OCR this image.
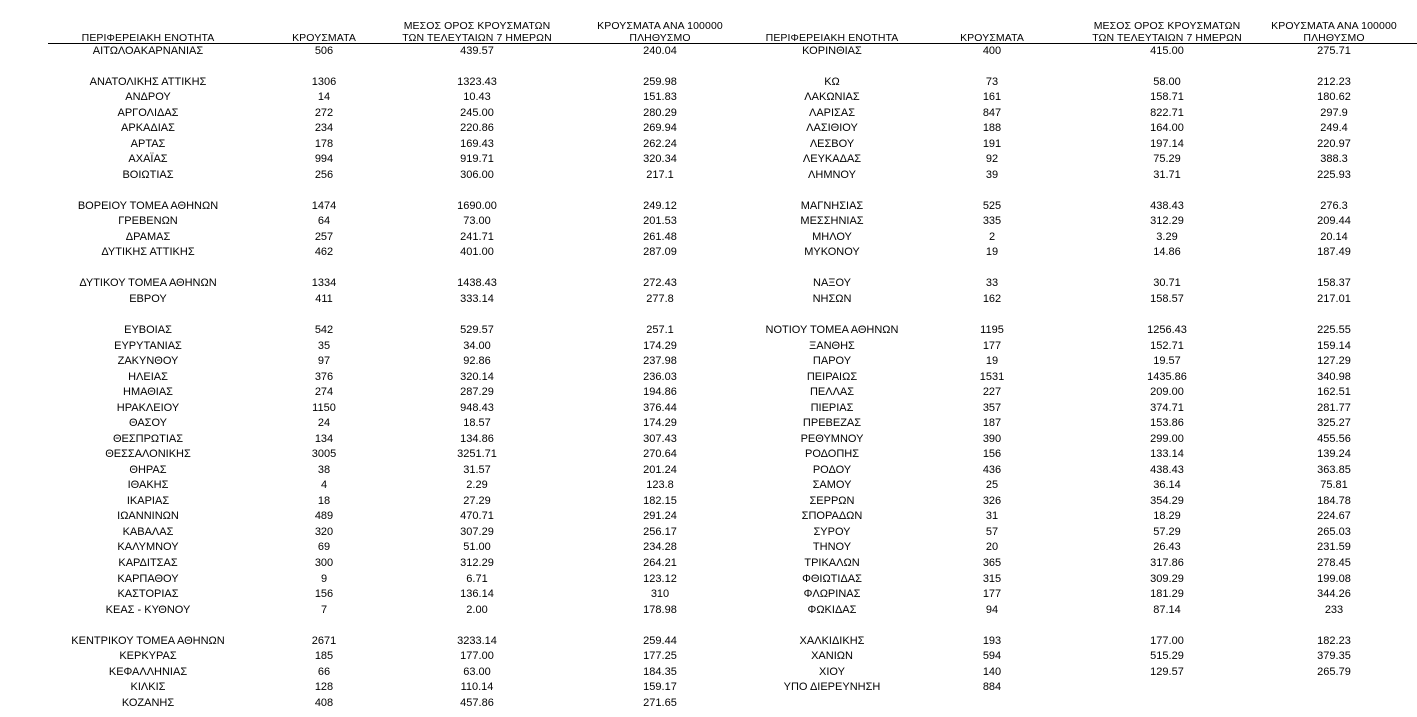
ΠΕΡΙΦΕΡΕΙΑΚΗ ΕΝΟΤΗΤΑ	ΚΡΟΥΣΜΑΤΑ
ΜΕΣΟΣ ΟΡΟΣ ΚΡΟΥΣΜΑΤΩΝ
ΤΩΝ ΤΕΛΕΥΤΑΙΩΝ 7 ΗΜΕΡΩΝ
ΚΡΟΥΣΜΑΤΑ ΑΝΑ 100000
ΠΛΗΘΥΣΜΟ
ΑΙΤΩΛΟΑΚΑΡΝΑΝΙΑΣ	506	439.57	240.04
ΑΝΑΤΟΛΙΚΗΣ ΑΤΤΙΚΗΣ	1306	1323.43	259.98
ΑΝΔΡΟΥ	14	10.43	151.83
ΑΡΓΟΛΙΔΑΣ	272	245.00	280.29
ΑΡΚΑΔΙΑΣ	234	220.86	269.94
ΑΡΤΑΣ	178	169.43	262.24
ΑΧΑΪΑΣ	994	919.71	320.34
ΒΟΙΩΤΙΑΣ	256	306.00	217.1
ΒΟΡΕΙΟΥ ΤΟΜΕΑ ΑΘΗΝΩΝ	1474	1690.00	249.12
ΓΡΕΒΕΝΩΝ	64	73.00	201.53
ΔΡΑΜΑΣ	257	241.71	261.48
ΔΥΤΙΚΗΣ ΑΤΤΙΚΗΣ	462	401.00	287.09
ΔΥΤΙΚΟΥ ΤΟΜΕΑ ΑΘΗΝΩΝ	1334	1438.43	272.43
ΕΒΡΟΥ	411	333.14	277.8
ΕΥΒΟΙΑΣ	542	529.57	257.1
ΕΥΡΥΤΑΝΙΑΣ	35	34.00	174.29
ΖΑΚΥΝΘΟΥ	97	92.86	237.98
ΗΛΕΙΑΣ	376	320.14	236.03
ΗΜΑΘΙΑΣ	274	287.29	194.86
ΗΡΑΚΛΕΙΟΥ	1150	948.43	376.44
ΘΑΣΟΥ	24	18.57	174.29
ΘΕΣΠΡΩΤΙΑΣ	134	134.86	307.43
ΘΕΣΣΑΛΟΝΙΚΗΣ	3005	3251.71	270.64
ΘΗΡΑΣ	38	31.57	201.24
ΙΘΑΚΗΣ	4	2.29	123.8
ΙΚΑΡΙΑΣ	18	27.29	182.15
ΙΩΑΝΝΙΝΩΝ	489	470.71	291.24
ΚΑΒΑΛΑΣ	320	307.29	256.17
ΚΑΛΥΜΝΟΥ	69	51.00	234.28
ΚΑΡΔΙΤΣΑΣ	300	312.29	264.21
ΚΑΡΠΑΘΟΥ	9	6.71	123.12
ΚΑΣΤΟΡΙΑΣ	156	136.14	310
ΚΕΑΣ - ΚΥΘΝΟΥ	7	2.00	178.98
ΚΕΝΤΡΙΚΟΥ ΤΟΜΕΑ ΑΘΗΝΩΝ	2671	3233.14	259.44
ΚΕΡΚΥΡΑΣ	185	177.00	177.25
ΚΕΦΑΛΛΗΝΙΑΣ	66	63.00	184.35
ΚΙΛΚΙΣ	128	110.14	159.17
ΚΟΖΑΝΗΣ	408	457.86	271.65
ΠΕΡΙΦΕΡΕΙΑΚΗ ΕΝΟΤΗΤΑ	ΚΡΟΥΣΜΑΤΑ
ΜΕΣΟΣ ΟΡΟΣ ΚΡΟΥΣΜΑΤΩΝ
ΤΩΝ ΤΕΛΕΥΤΑΙΩΝ 7 ΗΜΕΡΩΝ
ΚΡΟΥΣΜΑΤΑ ΑΝΑ 100000
ΠΛΗΘΥΣΜΟ
ΚΟΡΙΝΘΙΑΣ	400	415.00	275.71
ΚΩ	73	58.00	212.23
ΛΑΚΩΝΙΑΣ	161	158.71	180.62
ΛΑΡΙΣΑΣ	847	822.71	297.9
ΛΑΣΙΘΙΟΥ	188	164.00	249.4
ΛΕΣΒΟΥ	191	197.14	220.97
ΛΕΥΚΑΔΑΣ	92	75.29	388.3
ΛΗΜΝΟΥ	39	31.71	225.93
ΜΑΓΝΗΣΙΑΣ	525	438.43	276.3
ΜΕΣΣΗΝΙΑΣ	335	312.29	209.44
ΜΗΛΟΥ	2	3.29	20.14
ΜΥΚΟΝΟΥ	19	14.86	187.49
ΝΑΞΟΥ	33	30.71	158.37
ΝΗΣΩΝ	162	158.57	217.01
ΝΟΤΙΟΥ ΤΟΜΕΑ ΑΘΗΝΩΝ	1195	1256.43	225.55
ΞΑΝΘΗΣ	177	152.71	159.14
ΠΑΡΟΥ	19	19.57	127.29
ΠΕΙΡΑΙΩΣ	1531	1435.86	340.98
ΠΕΛΛΑΣ	227	209.00	162.51
ΠΙΕΡΙΑΣ	357	374.71	281.77
ΠΡΕΒΕΖΑΣ	187	153.86	325.27
ΡΕΘΥΜΝΟΥ	390	299.00	455.56
ΡΟΔΟΠΗΣ	156	133.14	139.24
ΡΟΔΟΥ	436	438.43	363.85
ΣΑΜΟΥ	25	36.14	75.81
ΣΕΡΡΩΝ	326	354.29	184.78
ΣΠΟΡΑΔΩΝ	31	18.29	224.67
ΣΥΡΟΥ	57	57.29	265.03
ΤΗΝΟΥ	20	26.43	231.59
ΤΡΙΚΑΛΩΝ	365	317.86	278.45
ΦΘΙΩΤΙΔΑΣ	315	309.29	199.08
ΦΛΩΡΙΝΑΣ	177	181.29	344.26
ΦΩΚΙΔΑΣ	94	87.14	233
ΧΑΛΚΙΔΙΚΗΣ	193	177.00	182.23
ΧΑΝΙΩΝ	594	515.29	379.35
ΧΙΟΥ	140	129.57	265.79
ΥΠΟ ΔΙΕΡΕΥΝΗΣΗ	884
